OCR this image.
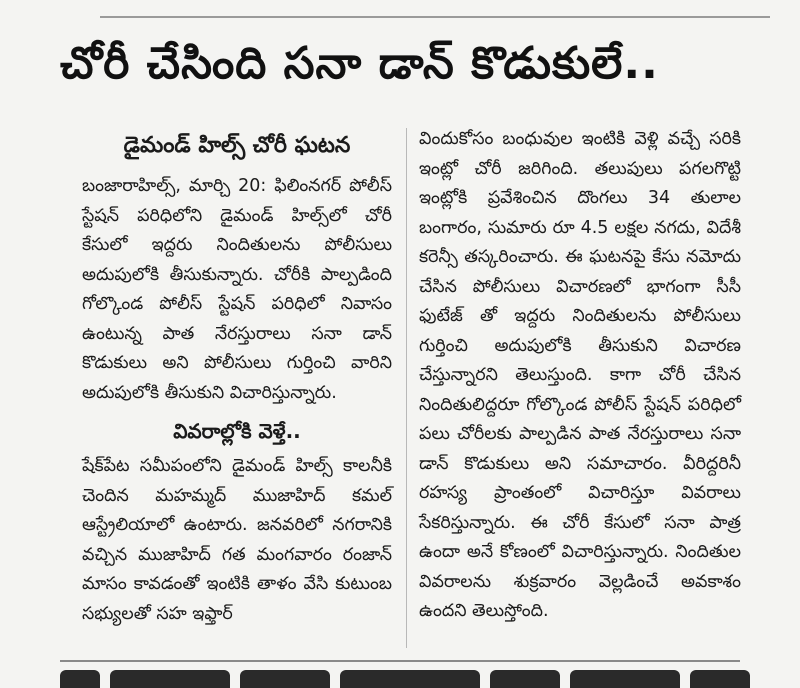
చోరీ చేసింది సనా డాన్ కొడుకులే..
డైమండ్ హిల్స్ చోరీ ఘటన

బంజారాహిల్స్, మార్చి 20: ఫిలింనగర్ పోలీస్ స్టేషన్ పరిధిలోని డైమండ్ హిల్స్‌లో చోరీ కేసులో ఇద్దరు నిందితులను పోలీసులు అదుపులోకి తీసుకున్నారు. చోరీకి పాల్పడింది గోల్కొండ పోలీస్ స్టేషన్ పరిధిలో నివాసం ఉంటున్న పాత నేరస్తురాలు సనా డాన్ కొడుకులు అని పోలీసులు గుర్తించి వారిని అదుపులోకి తీసుకుని విచారిస్తున్నారు.

వివరాల్లోకి వెళ్తే..

షేక్‌పేట సమీపంలోని డైమండ్ హిల్స్ కాలనీకి చెందిన మహమ్మద్ ముజాహిద్ కమల్ ఆస్ట్రేలియాలో ఉంటారు. జనవరిలో నగరానికి వచ్చిన ముజాహిద్ గత మంగవారం రంజాన్ మాసం కావడంతో ఇంటికి తాళం వేసి కుటుంబ సభ్యులతో సహ ఇఫ్తార్

విందుకోసం బంధువుల ఇంటికి వెళ్లి వచ్చే సరికి ఇంట్లో చోరీ జరిగింది. తలుపులు పగలగొట్టి ఇంట్లోకి ప్రవేశించిన దొంగలు 34 తులాల బంగారం, సుమారు రూ 4.5 లక్షల నగదు, విదేశీ కరెన్సీ తస్కరించారు. ఈ ఘటనపై కేసు నమోదు చేసిన పోలీసులు విచారణలో భాగంగా సీసీ ఫుటేజ్ తో ఇద్దరు నిందితులను పోలీసులు గుర్తించి అదుపులోకి తీసుకుని విచారణ చేస్తున్నారని తెలుస్తుంది. కాగా చోరీ చేసిన నిందితులిద్దరూ గోల్కొండ పోలీస్ స్టేషన్ పరిధిలో పలు చోరీలకు పాల్పడిన పాత నేరస్తురాలు సనా డాన్ కొడుకులు అని సమాచారం. వీరిద్దరినీ రహస్య ప్రాంతంలో విచారిస్తూ వివరాలు సేకరిస్తున్నారు. ఈ చోరీ కేసులో సనా పాత్ర ఉందా అనే కోణంలో విచారిస్తున్నారు. నిందితుల వివరాలను శుక్రవారం వెల్లడించే అవకాశం ఉందని తెలుస్తోంది.
